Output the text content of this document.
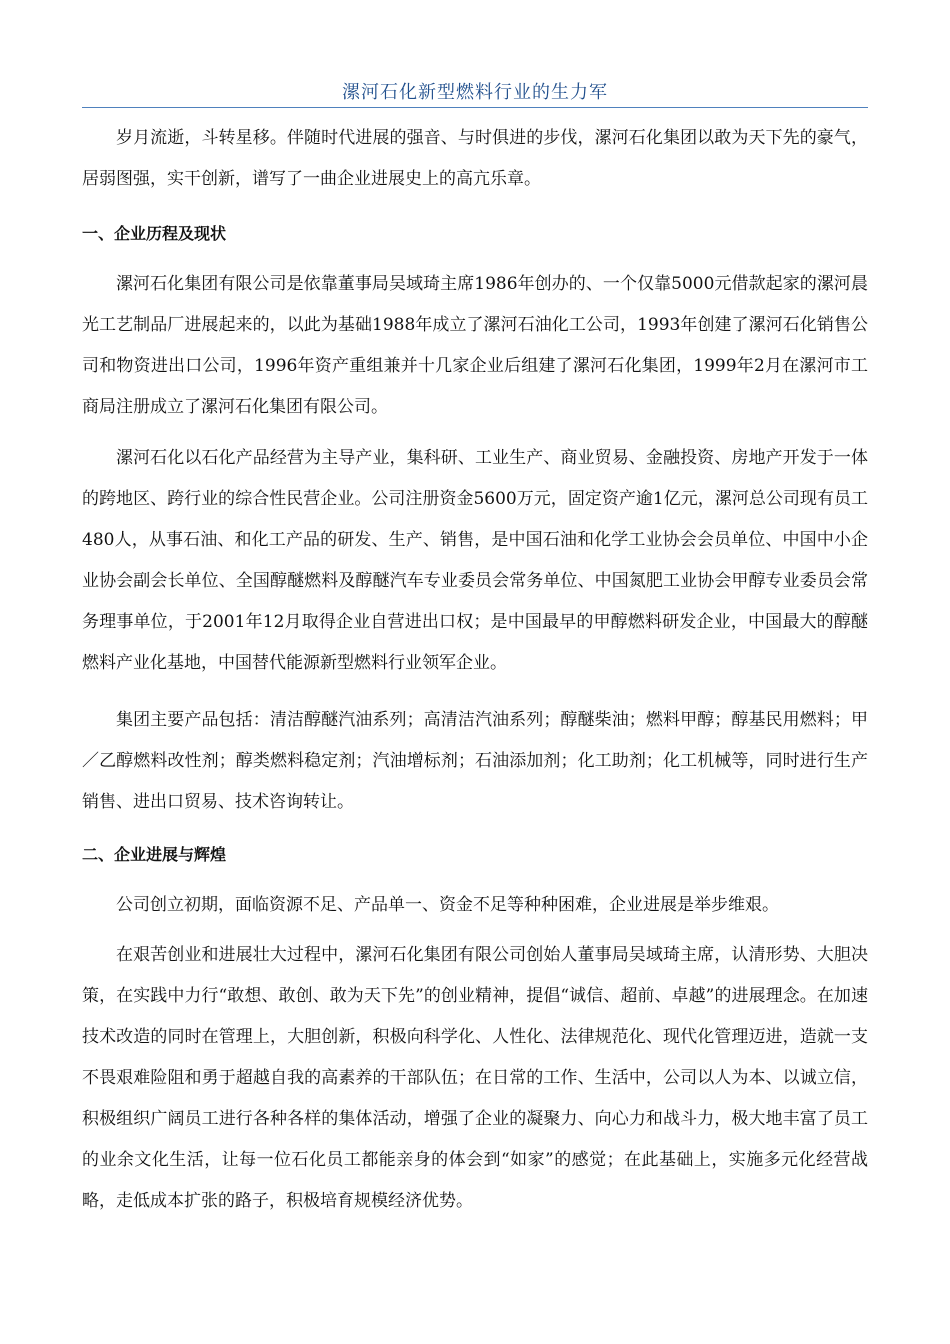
漯河石化新型燃料行业的生力军

岁月流逝，斗转星移。伴随时代进展的强音、与时俱进的步伐，漯河石化集团以敢为天下先的豪气，居弱图强，实干创新，谱写了一曲企业进展史上的高亢乐章。

一、企业历程及现状

漯河石化集团有限公司是依靠董事局吴域琦主席1986年创办的、一个仅靠5000元借款起家的漯河晨光工艺制品厂进展起来的，以此为基础1988年成立了漯河石油化工公司，1993年创建了漯河石化销售公司和物资进出口公司，1996年资产重组兼并十几家企业后组建了漯河石化集团，1999年2月在漯河市工商局注册成立了漯河石化集团有限公司。

漯河石化以石化产品经营为主导产业，集科研、工业生产、商业贸易、金融投资、房地产开发于一体的跨地区、跨行业的综合性民营企业。公司注册资金5600万元，固定资产逾1亿元，漯河总公司现有员工480人，从事石油、和化工产品的研发、生产、销售，是中国石油和化学工业协会会员单位、中国中小企业协会副会长单位、全国醇醚燃料及醇醚汽车专业委员会常务单位、中国氮肥工业协会甲醇专业委员会常务理事单位，于2001年12月取得企业自营进出口权；是中国最早的甲醇燃料研发企业，中国最大的醇醚燃料产业化基地，中国替代能源新型燃料行业领军企业。

集团主要产品包括：清洁醇醚汽油系列；高清洁汽油系列；醇醚柴油；燃料甲醇；醇基民用燃料；甲／乙醇燃料改性剂；醇类燃料稳定剂；汽油增标剂；石油添加剂；化工助剂；化工机械等，同时进行生产销售、进出口贸易、技术咨询转让。

二、企业进展与辉煌

公司创立初期，面临资源不足、产品单一、资金不足等种种困难，企业进展是举步维艰。

在艰苦创业和进展壮大过程中，漯河石化集团有限公司创始人董事局吴域琦主席，认清形势、大胆决策，在实践中力行“敢想、敢创、敢为天下先”的创业精神，提倡“诚信、超前、卓越”的进展理念。在加速技术改造的同时在管理上，大胆创新，积极向科学化、人性化、法律规范化、现代化管理迈进，造就一支不畏艰难险阻和勇于超越自我的高素养的干部队伍；在日常的工作、生活中，公司以人为本、以诚立信，积极组织广阔员工进行各种各样的集体活动，增强了企业的凝聚力、向心力和战斗力，极大地丰富了员工的业余文化生活，让每一位石化员工都能亲身的体会到“如家”的感觉；在此基础上，实施多元化经营战略，走低成本扩张的路子，积极培育规模经济优势。
